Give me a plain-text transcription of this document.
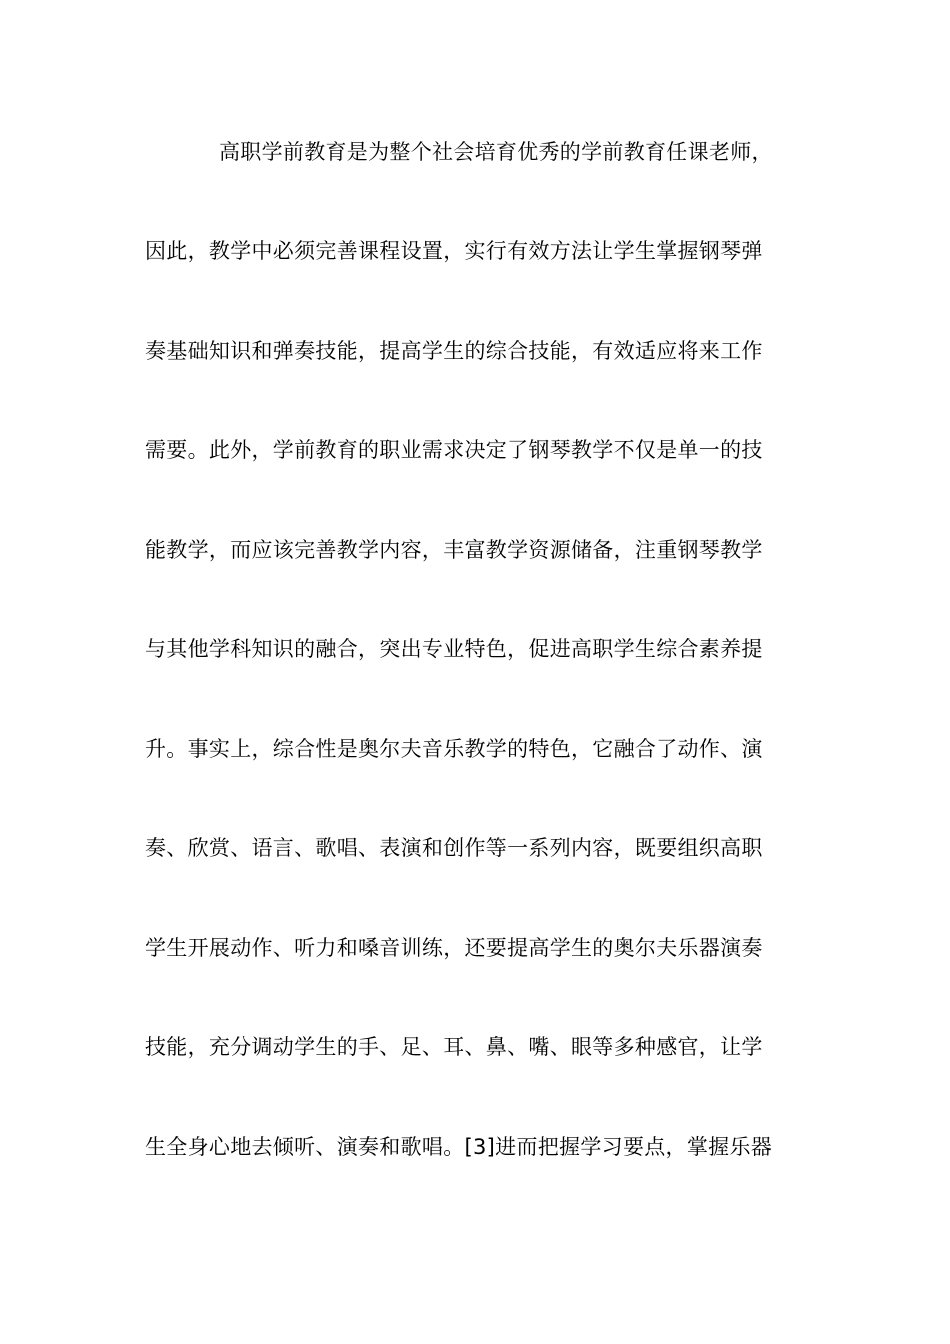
高职学前教育是为整个社会培育优秀的学前教育任课老师，
因此，教学中必须完善课程设置，实行有效方法让学生掌握钢琴弹
奏基础知识和弹奏技能，提高学生的综合技能，有效适应将来工作
需要。此外，学前教育的职业需求决定了钢琴教学不仅是单一的技
能教学，而应该完善教学内容，丰富教学资源储备，注重钢琴教学
与其他学科知识的融合，突出专业特色，促进高职学生综合素养提
升。事实上，综合性是奥尔夫音乐教学的特色，它融合了动作、演
奏、欣赏、语言、歌唱、表演和创作等一系列内容，既要组织高职
学生开展动作、听力和嗓音训练，还要提高学生的奥尔夫乐器演奏
技能，充分调动学生的手、足、耳、鼻、嘴、眼等多种感官，让学
生全身心地去倾听、演奏和歌唱。[3]进而把握学习要点，掌握乐器
